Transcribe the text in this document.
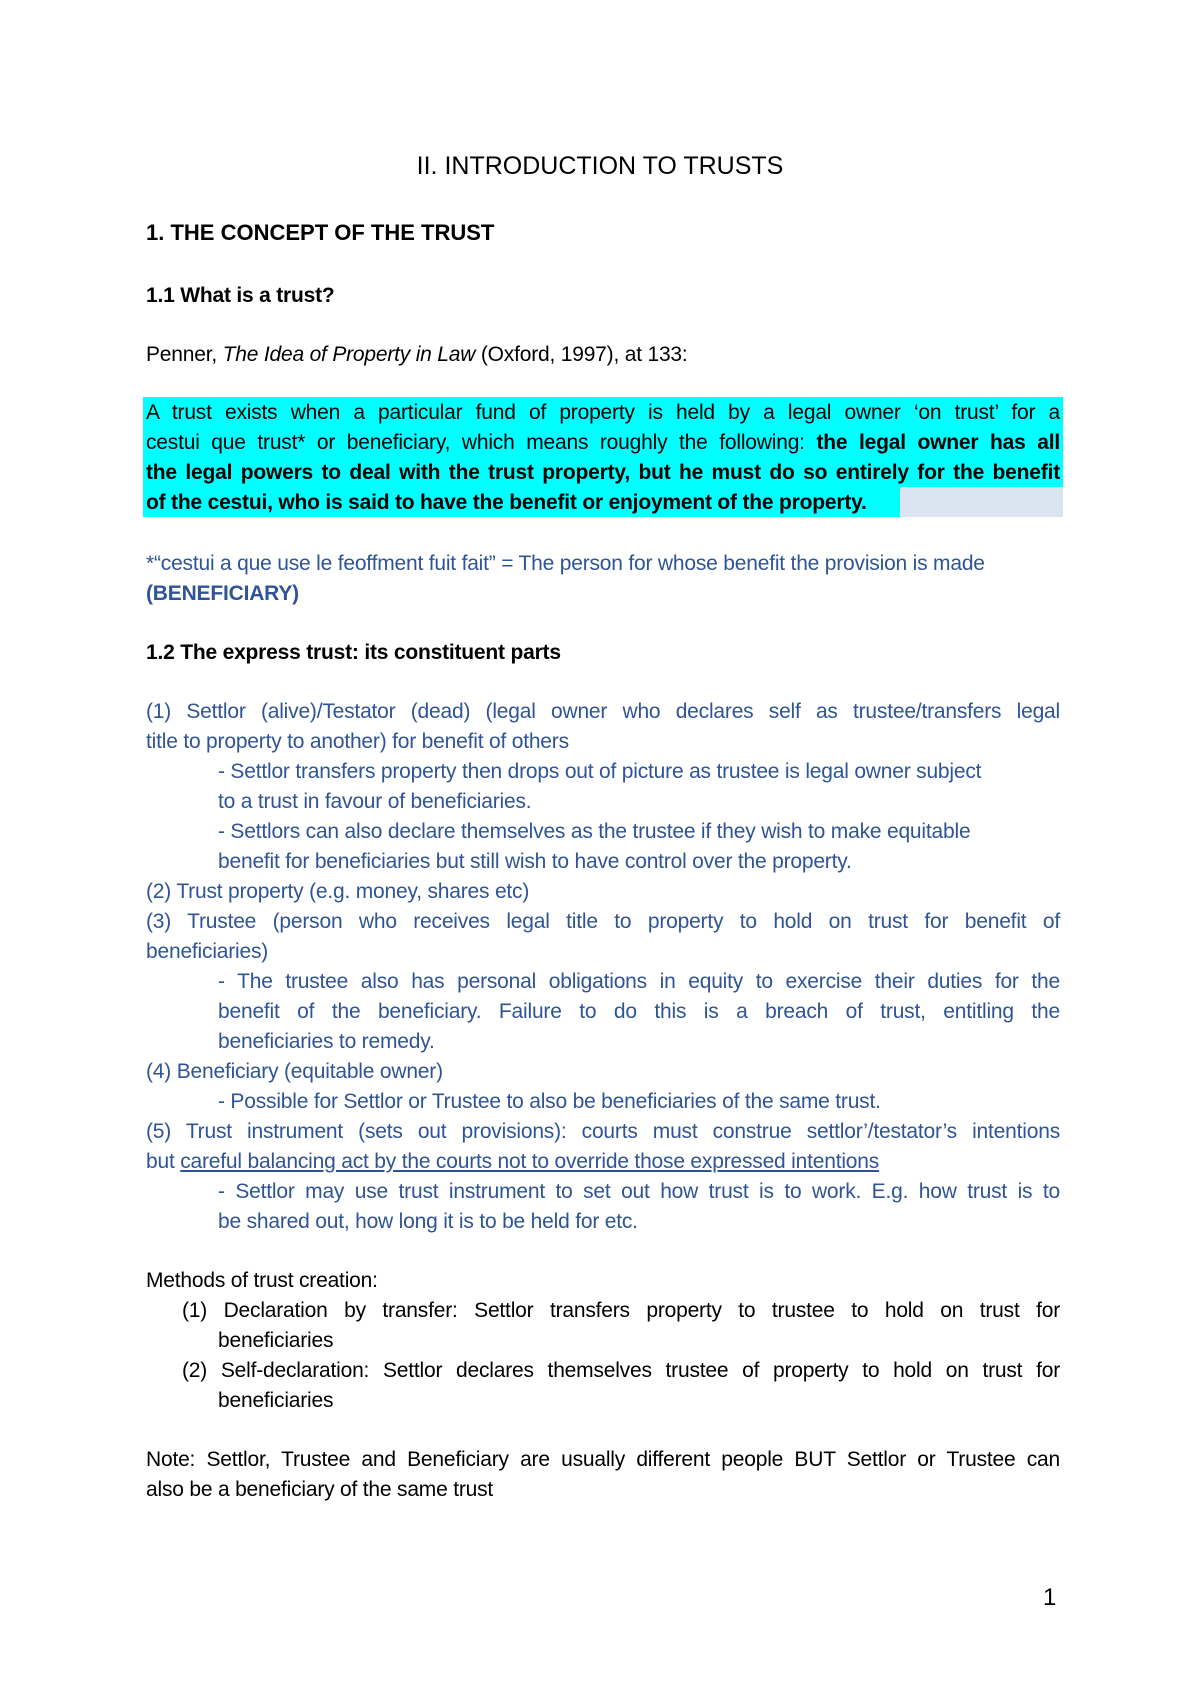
II. INTRODUCTION TO TRUSTS
1. THE CONCEPT OF THE TRUST
1.1 What is a trust?
Penner, The Idea of Property in Law (Oxford, 1997), at 133:
A trust exists when a particular fund of property is held by a legal owner ‘on trust’ for a
cestui que trust* or beneficiary, which means roughly the following: the legal owner has all
the legal powers to deal with the trust property, but he must do so entirely for the benefit
of the cestui, who is said to have the benefit or enjoyment of the property.
*“cestui a que use le feoffment fuit fait” = The person for whose benefit the provision is made
(BENEFICIARY)
1.2 The express trust: its constituent parts
(1) Settlor (alive)/Testator (dead) (legal owner who declares self as trustee/transfers legal
title to property to another) for benefit of others
- Settlor transfers property then drops out of picture as trustee is legal owner subject
to a trust in favour of beneficiaries.
- Settlors can also declare themselves as the trustee if they wish to make equitable
benefit for beneficiaries but still wish to have control over the property.
(2) Trust property (e.g. money, shares etc)
(3) Trustee (person who receives legal title to property to hold on trust for benefit of
beneficiaries)
- The trustee also has personal obligations in equity to exercise their duties for the
benefit of the beneficiary. Failure to do this is a breach of trust, entitling the
beneficiaries to remedy.
(4) Beneficiary (equitable owner)
- Possible for Settlor or Trustee to also be beneficiaries of the same trust.
(5) Trust instrument (sets out provisions): courts must construe settlor’/testator’s intentions
but careful balancing act by the courts not to override those expressed intentions
- Settlor may use trust instrument to set out how trust is to work. E.g. how trust is to
be shared out, how long it is to be held for etc.
Methods of trust creation:
(1) Declaration by transfer: Settlor transfers property to trustee to hold on trust for
beneficiaries
(2) Self-declaration: Settlor declares themselves trustee of property to hold on trust for
beneficiaries
Note: Settlor, Trustee and Beneficiary are usually different people BUT Settlor or Trustee can
also be a beneficiary of the same trust
1
